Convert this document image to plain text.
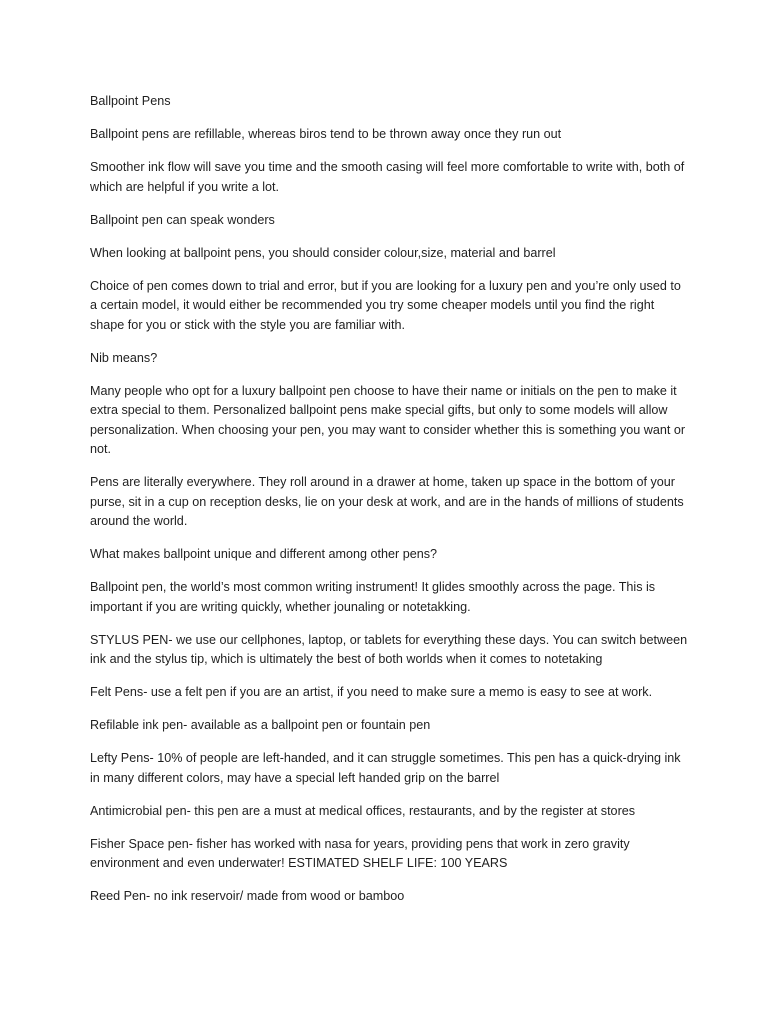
Ballpoint Pens

Ballpoint pens are refillable, whereas biros tend to be thrown away once they run out

Smoother ink flow will save you time and the smooth casing will feel more comfortable to write with, both of which are helpful if you write a lot.

Ballpoint pen can speak wonders

When looking at ballpoint pens, you should consider colour,size, material and barrel

Choice of pen comes down to trial and error, but if you are looking for a luxury pen and you’re only used to a certain model, it would either be recommended you try some cheaper models until you find the right shape for you or stick with the style you are familiar with.

Nib means?

Many people who opt for a luxury ballpoint pen choose to have their name or initials on the pen to make it extra special to them. Personalized ballpoint pens make special gifts, but only to some models will allow personalization. When choosing your pen, you may want to consider whether this is something you want or not.

Pens are literally everywhere. They roll around in a drawer at home, taken up space in the bottom of your purse, sit in a cup on reception desks, lie on your desk at work, and are in the hands of millions of students around the world.

What makes ballpoint unique and different among other pens?

Ballpoint pen, the world’s most common writing instrument! It glides smoothly across the page. This is important if you are writing quickly, whether jounaling or notetakking.

STYLUS PEN- we use our cellphones, laptop, or tablets for everything these days. You can switch between ink and the stylus tip, which is ultimately the best of both worlds when it comes to notetaking

Felt Pens- use a felt pen if you are an artist, if you need to make sure a memo is easy to see at work.

Refilable ink pen- available as a ballpoint pen or fountain pen

Lefty Pens- 10% of people are left-handed, and it can struggle sometimes. This pen has a quick-drying ink in many different colors, may have a special left handed grip on the barrel

Antimicrobial pen- this pen are a must at medical offices, restaurants, and by the register at stores

Fisher Space pen- fisher has worked with nasa for years, providing pens that work in zero gravity environment and even underwater! ESTIMATED SHELF LIFE: 100 YEARS

Reed Pen- no ink reservoir/ made from wood or bamboo
